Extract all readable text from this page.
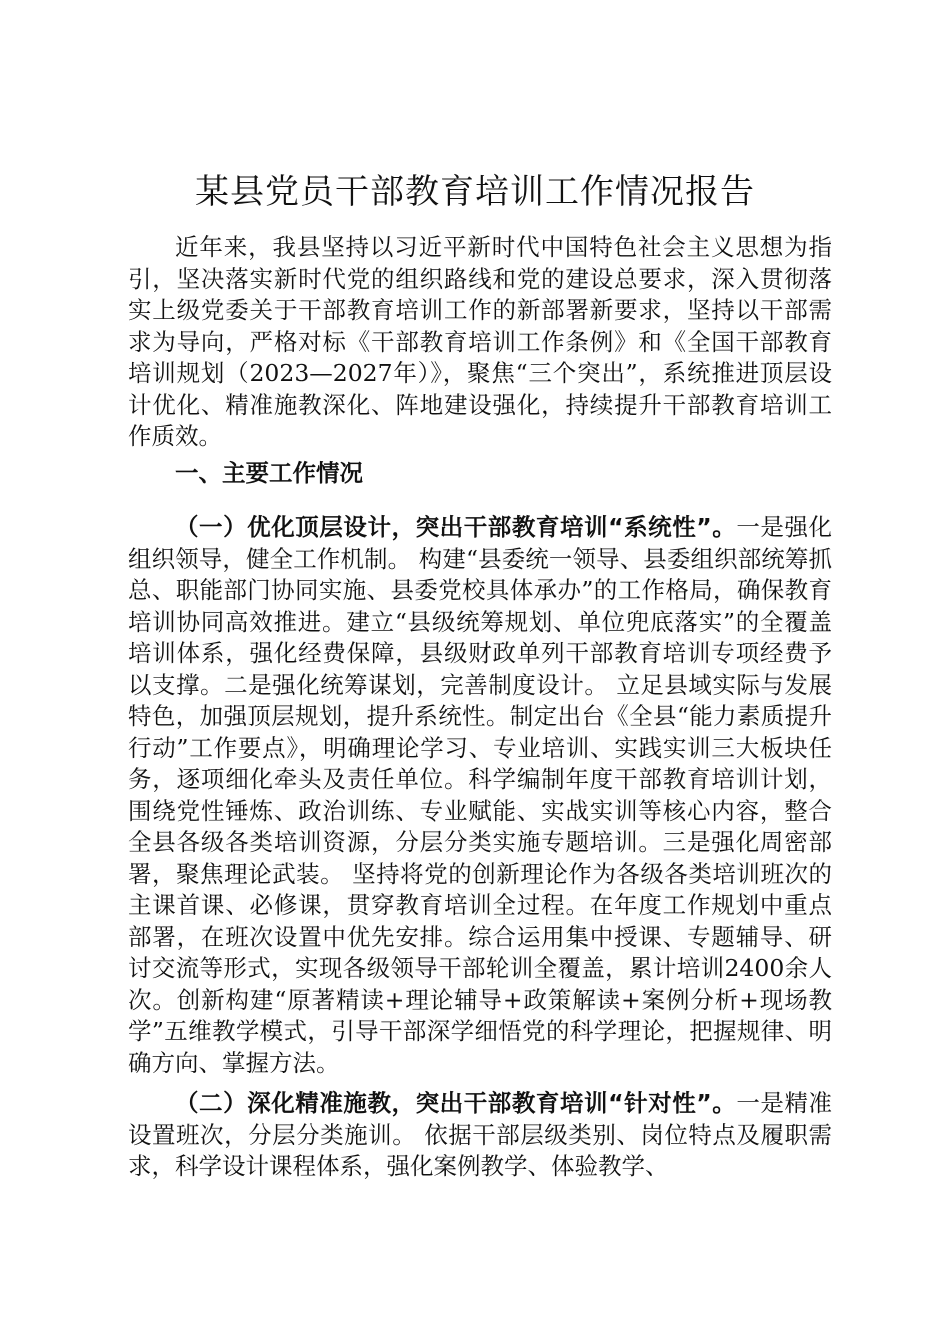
某县党员干部教育培训工作情况报告

近年来，我县坚持以习近平新时代中国特色社会主义思想为指引，坚决落实新时代党的组织路线和党的建设总要求，深入贯彻落实上级党委关于干部教育培训工作的新部署新要求，坚持以干部需求为导向，严格对标《干部教育培训工作条例》和《全国干部教育培训规划（2023—2027年）》，聚焦“三个突出”，系统推进顶层设计优化、精准施教深化、阵地建设强化，持续提升干部教育培训工作质效。

一、主要工作情况

（一）优化顶层设计，突出干部教育培训“系统性”。一是强化组织领导，健全工作机制。 构建“县委统一领导、县委组织部统筹抓总、职能部门协同实施、县委党校具体承办”的工作格局，确保教育培训协同高效推进。建立“县级统筹规划、单位兜底落实”的全覆盖培训体系，强化经费保障，县级财政单列干部教育培训专项经费予以支撑。二是强化统筹谋划，完善制度设计。 立足县域实际与发展特色，加强顶层规划，提升系统性。制定出台《全县“能力素质提升行动”工作要点》，明确理论学习、专业培训、实践实训三大板块任务，逐项细化牵头及责任单位。科学编制年度干部教育培训计划，围绕党性锤炼、政治训练、专业赋能、实战实训等核心内容，整合全县各级各类培训资源，分层分类实施专题培训。三是强化周密部署，聚焦理论武装。 坚持将党的创新理论作为各级各类培训班次的主课首课、必修课，贯穿教育培训全过程。在年度工作规划中重点部署，在班次设置中优先安排。综合运用集中授课、专题辅导、研讨交流等形式，实现各级领导干部轮训全覆盖，累计培训2400余人次。创新构建“原著精读+理论辅导+政策解读+案例分析+现场教学”五维教学模式，引导干部深学细悟党的科学理论，把握规律、明确方向、掌握方法。

（二）深化精准施教，突出干部教育培训“针对性”。一是精准设置班次，分层分类施训。 依据干部层级类别、岗位特点及履职需求，科学设计课程体系，强化案例教学、体验教学、
